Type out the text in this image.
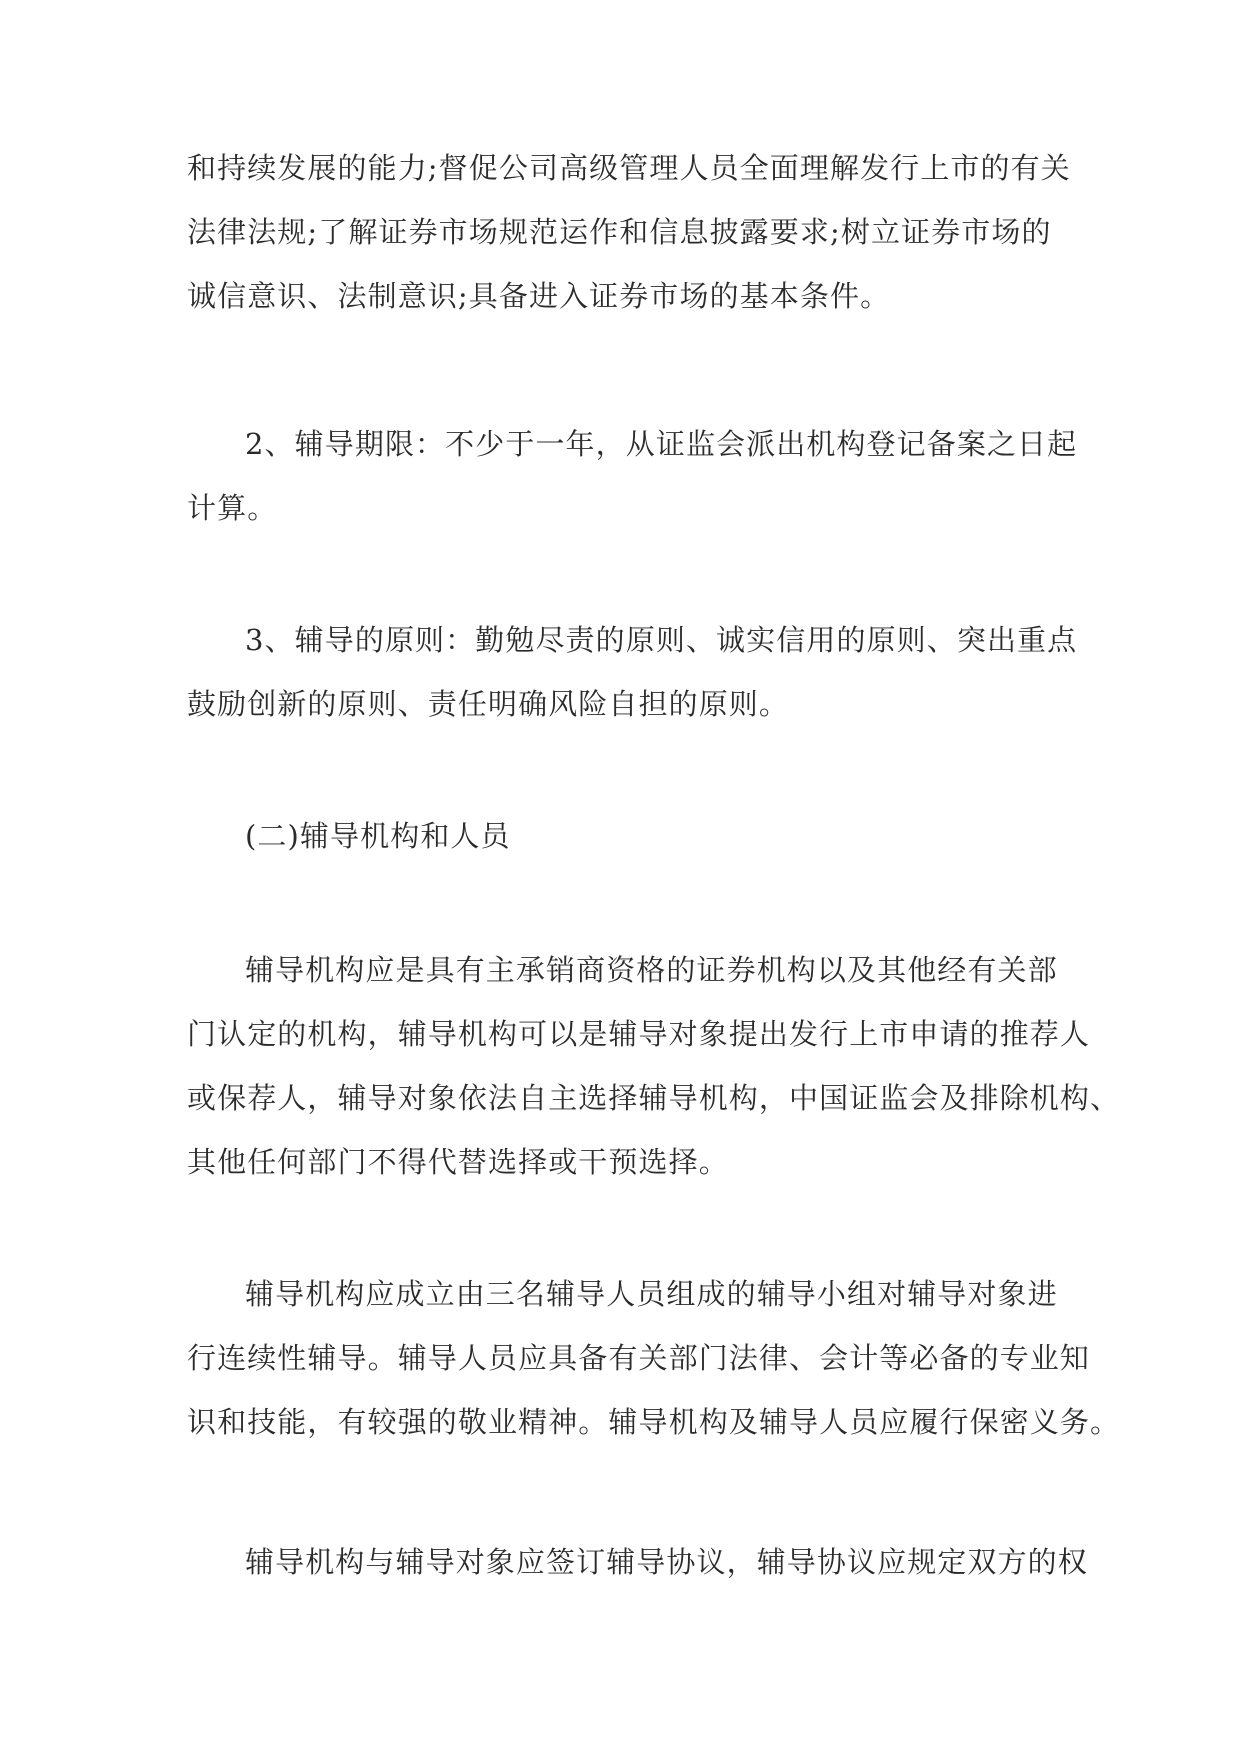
和持续发展的能力;督促公司高级管理人员全面理解发行上市的有关
法律法规;了解证券市场规范运作和信息披露要求;树立证券市场的
诚信意识、法制意识;具备进入证券市场的基本条件。
2、辅导期限：不少于一年，从证监会派出机构登记备案之日起
计算。
3、辅导的原则：勤勉尽责的原则、诚实信用的原则、突出重点
鼓励创新的原则、责任明确风险自担的原则。
(二)辅导机构和人员
辅导机构应是具有主承销商资格的证券机构以及其他经有关部
门认定的机构，辅导机构可以是辅导对象提出发行上市申请的推荐人
或保荐人，辅导对象依法自主选择辅导机构，中国证监会及排除机构、
其他任何部门不得代替选择或干预选择。
辅导机构应成立由三名辅导人员组成的辅导小组对辅导对象进
行连续性辅导。辅导人员应具备有关部门法律、会计等必备的专业知
识和技能，有较强的敬业精神。辅导机构及辅导人员应履行保密义务。
辅导机构与辅导对象应签订辅导协议，辅导协议应规定双方的权
